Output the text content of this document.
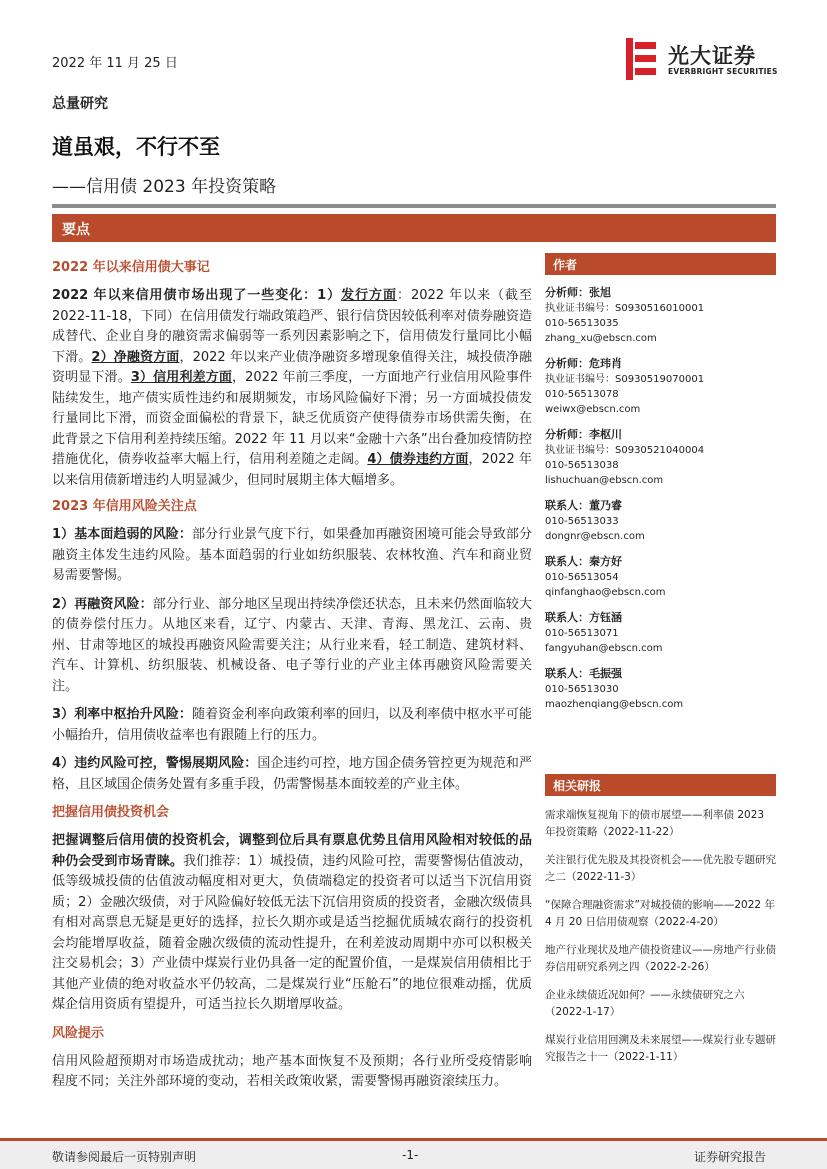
2022 年 11 月 25 日	光大证券
EVERBRIGHT SECURITIES
总量研究
道虽艰，不行不至
——信用债 2023 年投资策略
要点
2022 年以来信用债大事记
2022 年以来信用债市场出现了一些变化：1）发行方面：2022 年以来（截至 2022-11-18，下同）在信用债发行端政策趋严、银行信贷因较低利率对债券融资造成替代、企业自身的融资需求偏弱等一系列因素影响之下，信用债发行量同比小幅下滑。2）净融资方面，2022 年以来产业债净融资多增现象值得关注，城投债净融资明显下滑。3）信用利差方面，2022 年前三季度，一方面地产行业信用风险事件陆续发生，地产债实质性违约和展期频发，市场风险偏好下滑；另一方面城投债发行量同比下滑，而资金面偏松的背景下，缺乏优质资产使得债券市场供需失衡，在此背景之下信用利差持续压缩。2022 年 11 月以来“金融十六条”出台叠加疫情防控措施优化，债券收益率大幅上行，信用利差随之走阔。4）债券违约方面，2022 年以来信用债新增违约人明显减少，但同时展期主体大幅增多。
2023 年信用风险关注点
1）基本面趋弱的风险：部分行业景气度下行，如果叠加再融资困境可能会导致部分融资主体发生违约风险。基本面趋弱的行业如纺织服装、农林牧渔、汽车和商业贸易需要警惕。
2）再融资风险：部分行业、部分地区呈现出持续净偿还状态，且未来仍然面临较大的债券偿付压力。从地区来看，辽宁、内蒙古、天津、青海、黑龙江、云南、贵州、甘肃等地区的城投再融资风险需要关注；从行业来看，轻工制造、建筑材料、汽车、计算机、纺织服装、机械设备、电子等行业的产业主体再融资风险需要关注。
3）利率中枢抬升风险：随着资金利率向政策利率的回归，以及利率债中枢水平可能小幅抬升，信用债收益率也有跟随上行的压力。
4）违约风险可控，警惕展期风险：国企违约可控，地方国企债务管控更为规范和严格，且区域国企债务处置有多重手段，仍需警惕基本面较差的产业主体。
把握信用债投资机会
把握调整后信用债的投资机会，调整到位后具有票息优势且信用风险相对较低的品种仍会受到市场青睐。我们推荐：1）城投债，违约风险可控，需要警惕估值波动，低等级城投债的估值波动幅度相对更大，负债端稳定的投资者可以适当下沉信用资质；2）金融次级债，对于风险偏好较低无法下沉信用资质的投资者，金融次级债具有相对高票息无疑是更好的选择，拉长久期亦或是适当挖掘优质城农商行的投资机会均能增厚收益，随着金融次级债的流动性提升，在利差波动周期中亦可以积极关注交易机会；3）产业债中煤炭行业仍具备一定的配置价值，一是煤炭信用债相比于其他产业债的绝对收益水平仍较高，二是煤炭行业“压舱石”的地位很难动摇，优质煤企信用资质有望提升，可适当拉长久期增厚收益。
风险提示
信用风险超预期对市场造成扰动；地产基本面恢复不及预期；各行业所受疫情影响程度不同；关注外部环境的变动，若相关政策收紧，需要警惕再融资滚续压力。
作者
分析师：张旭
执业证书编号：S0930516010001
010-56513035
zhang_xu@ebscn.com
分析师：危玮肖
执业证书编号：S0930519070001
010-56513078
weiwx@ebscn.com
分析师：李枢川
执业证书编号：S0930521040004
010-56513038
lishuchuan@ebscn.com
联系人：董乃睿
010-56513033
dongnr@ebscn.com
联系人：秦方好
010-56513054
qinfanghao@ebscn.com
联系人：方钰涵
010-56513071
fangyuhan@ebscn.com
联系人：毛振强
010-56513030
maozhenqiang@ebscn.com
相关研报
需求端恢复视角下的债市展望——利率债 2023 年投资策略（2022-11-22）
关注银行优先股及其投资机会——优先股专题研究之二（2022-11-3）
“保障合理融资需求”对城投债的影响——2022 年 4 月 20 日信用债观察（2022-4-20）
地产行业现状及地产债投资建议——房地产行业债券信用研究系列之四（2022-2-26）
企业永续债近况如何？——永续债研究之六（2022-1-17）
煤炭行业信用回溯及未来展望——煤炭行业专题研究报告之十一（2022-1-11）
敬请参阅最后一页特别声明	-1-	证券研究报告
